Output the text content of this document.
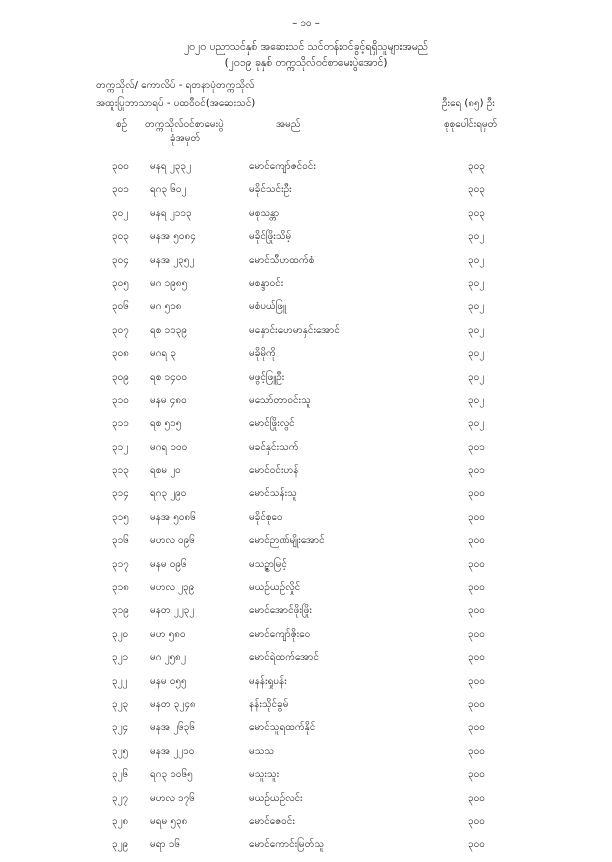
– ၁၀ –
၂၀၂၀ ပညာသင်နှစ် အဆေးသင် သင်တန်းဝင်ခွင့်ရရှိသူများအမည်
(၂၀၁၉ ခုနှစ် တက္ကသိုလ်ဝင်စာမေးပွဲအောင်)
တက္ကသိုလ်/ ကောလိပ် - ရတနာပုံတက္ကသိုလ်
အထူးပြုဘာသာရပ် - ပထဝီဝင်(အဆေးသင်)	ဦးရေ (၈၅) ဦး
စဉ် တက္ကသိုလ်ဝင်စာမေးပွဲ
ခုံအမှတ်
အမည်	စုစုပေါင်းရမှတ်
၃၀၀ မနရ ၂၃၃၂	မောင်ကျော်ဇင်ဝင်း	၃၀၃
၃၀၁ ရဂ၃ ၆၀၂	မခိုင်သင်းဦး	၃၀၃
၃၀၂ မနရ ၂၁၁၃	မစုသန္တာ	၃၀၃
၃၀၃ မနအ ၅၀၈၄	မခိုင်ဖြိုးသိမ့်	၃၀၂
၃၀၄ မနအ ၂၃၅၂	မောင်သီဟထက်စံ	၃၀၂
၃၀၅ မဂ ၁၉၈၅	မစန္ဒာဝင်း	၃၀၂
၃၀၆ မဂ ၅၁၈	မစံပယ်ဖြူ	၃၀၂
၃၀၇ ရစ ၁၁၃၉	မနှောင်းဟေမာနှင်းအောင်	၃၀၂
၃၀၈ မဂရ ၃	မခိုမိုကို	၃၀၂
၃၀၉ ရစ ၁၄၀၀	မဖွင့်ဖြူဦး	၃၀၂
၃၁၀ မနမ ၄၈၀	မသော်တာဝင်းသူ	၃၀၂
၃၁၁ ရစ ၅၁၅	မောင်ဖြိုးလွင်	၃၀၂
၃၁၂ မဂရ ၁၀၀	မခင်နှင်းသက်	၃၀၁
၃၁၃ ရစမ ၂၀	မောင်ဝင်းဟန်	၃၀၁
၃၁၄ ရဂ၃ ၂၉၀	မောင်သန်းသူ	၃၀၀
၃၁၅ မနအ ၅၀၈၆	မခိုင်စုဝေ	၃၀၀
၃၁၆ မဟလ ၀၉၆	မောင်ဉာဏ်မျိုးအောင်	၃၀၀
၃၁၇ မနမ ၀၉၆	မသဉ္ဇာမြင့်	၃၀၀
၃၁၈ မဟလ ၂၃၉	မယဉ်ယဉ်လှိုင်	၃၀၀
၃၁၉ မနတ ၂၂၃၂	မောင်အောင်ဖိုးဖြိုး	၃၀၀
၃၂၀ မဟ ၅၈၀	မောင်ကျော်ဇိုးဝေ	၃၀၀
၃၂၁ မဂ ၂၅၈၂	မောင်ရဲထက်အောင်	၃၀၀
၃၂၂ မနမ ၀၅၅	မနန်းရှုပန်း	၃၀၀
၃၂၃ မနတ ၃၂၄၈	နန်းသိုင်ခွမ်	၃၀၀
၃၂၄ မနအ ၂၆၃၆	မောင်သူရထက်နိုင်	၃၀၀
၃၂၅ မနအ ၂၂၁၀	မသသ	၃၀၀
၃၂၆ ရဂ၃ ၁၀၆၅	မသူးသူး	၃၀၀
၃၂၇ မဟလ ၁၇၆	မယဉ်ယဉ်လင်း	၃၀၀
၃၂၈ မရမ ၅၃၈	မောင်ဇေဝင်း	၃၀၀
၃၂၉ မရာ ၁၆	မောင်ကောင်းမြတ်သူ	၃၀၀
